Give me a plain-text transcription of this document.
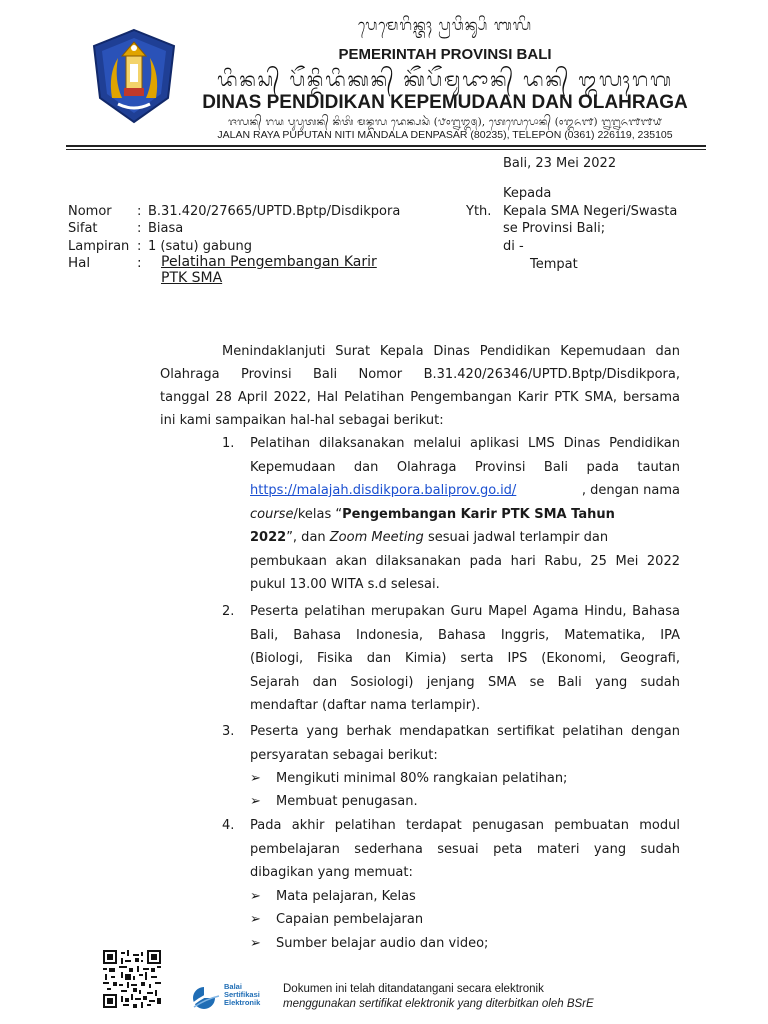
ᬧᬾᬫᬾᬭᬶᬦ᭄ᬢᬄ ᬧ᭄ᬭᬯᬶᬦ᭄ᬲᬶ ᬩᬮᬶ
PEMERINTAH PROVINSI BALI
ᬤᬶᬦᬲ᭄ ᬧᭂᬦ᭄ᬤᬶᬤᬶᬓᬦ᭄ ᬓᭂᬧᭂᬫᬸᬤᬵᬦ᭄ ᬤᬦ᭄ ᬑᬮᬄᬭᬕ
DINAS PENDIDIKAN KEPEMUDAAN DAN OLAHRAGA
ᬚᬮᬦ᭄ ᬭᬬ ᬧᬸᬧᬸᬢᬦ᭄ ᬦᬶᬢᬶ ᬫᬦ᭄ᬤᬮ ᬤᬾᬦ᭄ᬧᬲᬃ (᭘᭐᭒᭓᭕), ᬢᬾᬮᬾᬧᭀᬦ᭄ (᭐᭓᭖᭑) ᭒᭒᭖᭑᭑᭙
JALAN RAYA PUPUTAN NITI MANDALA DENPASAR (80235), TELEPON (0361) 226119, 235105
Bali, 23 Mei 2022
Kepada
Yth. Kepala SMA Negeri/Swasta
se Provinsi Bali;
di -
Tempat
Nomor : B.31.420/27665/UPTD.Bptp/Disdikpora
Sifat	: Biasa
Lampiran : 1 (satu) gabung
Hal	: Pelatihan Pengembangan Karir
PTK SMA
Menindaklanjuti Surat Kepala Dinas Pendidikan Kepemudaan dan
Olahraga Provinsi Bali Nomor B.31.420/26346/UPTD.Bptp/Disdikpora,
tanggal 28 April 2022, Hal Pelatihan Pengembangan Karir PTK SMA, bersama
ini kami sampaikan hal-hal sebagai berikut:
1. Pelatihan dilaksanakan melalui aplikasi LMS Dinas Pendidikan
Kepemudaan dan Olahraga Provinsi Bali pada tautan
https://malajah.disdikpora.baliprov.go.id/	, dengan nama
course/kelas “Pengembangan Karir PTK SMA Tahun
2022”, dan Zoom Meeting sesuai jadwal terlampir dan
pembukaan akan dilaksanakan pada hari Rabu, 25 Mei 2022
pukul 13.00 WITA s.d selesai.
2. Peserta pelatihan merupakan Guru Mapel Agama Hindu, Bahasa
Bali, Bahasa Indonesia, Bahasa Inggris, Matematika, IPA
(Biologi, Fisika dan Kimia) serta IPS (Ekonomi, Geografi,
Sejarah dan Sosiologi) jenjang SMA se Bali yang sudah
mendaftar (daftar nama terlampir).
3. Peserta yang berhak mendapatkan sertifikat pelatihan dengan
persyaratan sebagai berikut:
➢ Mengikuti minimal 80% rangkaian pelatihan;
➢ Membuat penugasan.
4. Pada akhir pelatihan terdapat penugasan pembuatan modul
pembelajaran sederhana sesuai peta materi yang sudah
dibagikan yang memuat:
➢ Mata pelajaran, Kelas
➢ Capaian pembelajaran
➢ Sumber belajar audio dan video;
Balai
Sertifikasi
Elektronik
Dokumen ini telah ditandatangani secara elektronik
menggunakan sertifikat elektronik yang diterbitkan oleh BSrE
